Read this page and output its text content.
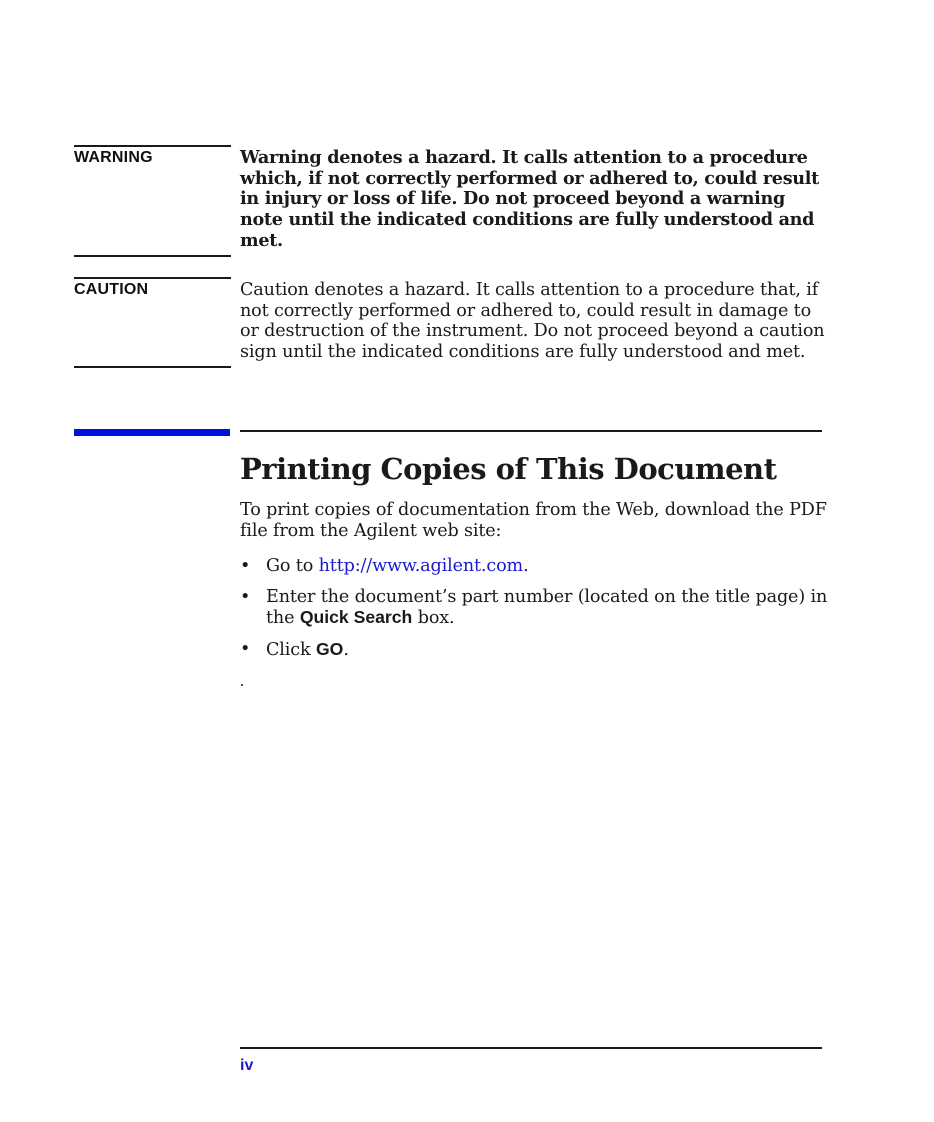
WARNING	Warning denotes a hazard. It calls attention to a procedure which, if not correctly performed or adhered to, could result in injury or loss of life. Do not proceed beyond a warning note until the indicated conditions are fully understood and met.
CAUTION	Caution denotes a hazard. It calls attention to a procedure that, if not correctly performed or adhered to, could result in damage to or destruction of the instrument. Do not proceed beyond a caution sign until the indicated conditions are fully understood and met.
Printing Copies of This Document

To print copies of documentation from the Web, download the PDF file from the Agilent web site:

• Go to http://www.agilent.com.
• Enter the document’s part number (located on the title page) in the Quick Search box.
• Click GO.
iv
